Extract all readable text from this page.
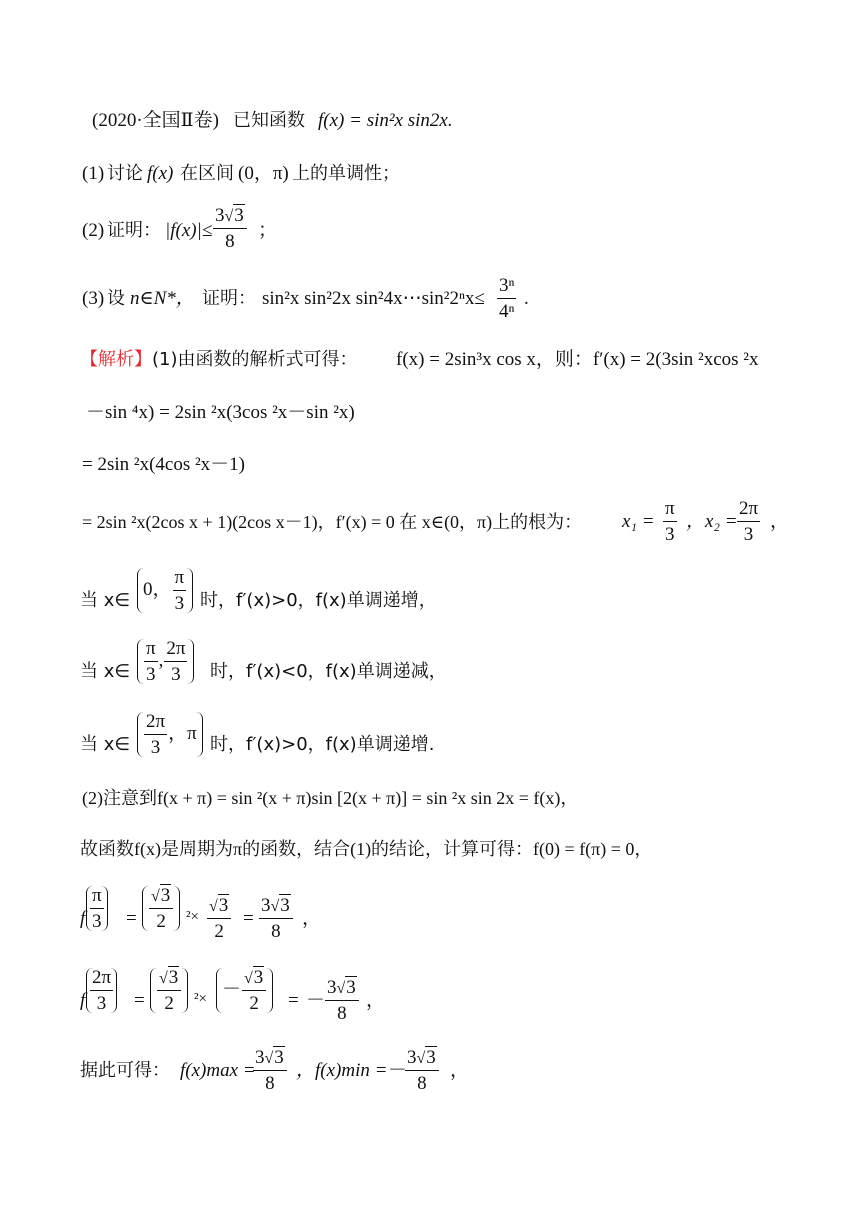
(2020·全国Ⅱ卷) 已知函数 f(x) = sin²x sin2x.
(1) 讨论 f(x) 在区间 (0，π) 上的单调性；
(2) 证明： $|f(x)|\le \frac{3√3}{8}$ ；
(3) 设 n∈N*， 证明： sin²x sin²2x sin²4x⋯sin²2ⁿx≤ $\frac{\text{3ⁿ}}{\text{4ⁿ}}$ .
【解析】 (1)由函数的解析式可得： f(x) = 2sin³x cos x，则：f′(x) = 2(3sin ²xcos ²x
－sin ⁴x) = 2sin ²x(3cos ²x－sin ²x)
= 2sin ²x(4cos ²x－1)
= 2sin ²x(2cos x + 1)(2cos x－1)，f′(x) = 0 在 x∈(0，π)上的根为： $x_1 = \frac{\pi}{3}$ ，$x_2 = \frac{2\pi}{3}$ ，
当 x∈
0， $\frac{\pi}{3}$ 时，f′(x)>0，f(x)单调递增，
当 x∈ $\frac{\pi}{3}$ , $\frac{2\pi}{3}$ 时，f′(x)<0，f(x)单调递减，
当 x∈ $\frac{2\pi}{3}$ ，π
时，f′(x)>0，f(x)单调递增.
(2)注意到f(x + π) = sin ²(x + π)sin [2(x + π)] = sin ²x sin 2x = f(x)，
故函数f(x)是周期为π的函数，结合(1)的结论，计算可得：f(0) = f(π) = 0，
f $\frac{\pi}{3} = \frac{√3}{2} ^2\times \frac{√3}{2} = \frac{3√3}{8}$ ，
f $\frac{2\pi}{3} = \frac{√3}{2} ^2\times - \frac{√3}{2}$ = － $\frac{3√3}{8}$ ，
据此可得： f(x)max =
$\frac{3√3}{8}$ ，f(x)min = －
$\frac{3√3}{8}$ ，
